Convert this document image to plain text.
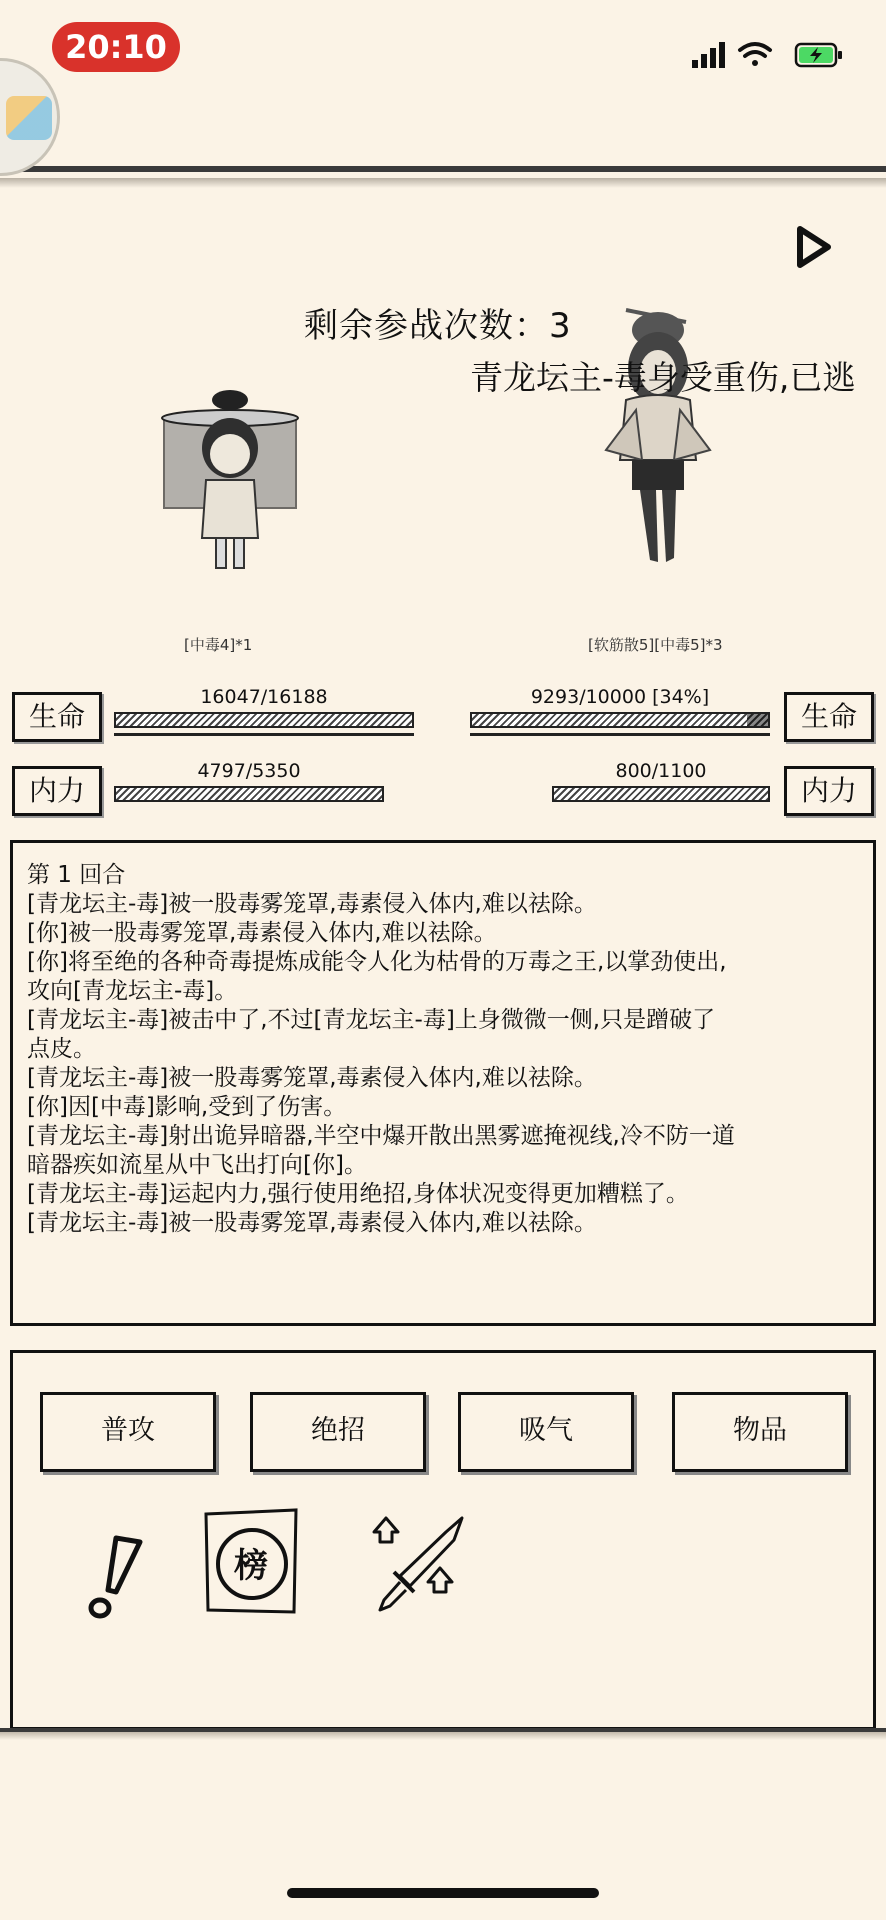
20:10
剩余参战次数：3
青龙坛主-毒身受重伤,已逃
[中毒4]*1	[软筋散5][中毒5]*3
生命
16047/16188	9293/10000 [34%]
生命
内力
4797/5350	800/1100
内力
第 1 回合
[青龙坛主-毒]被一股毒雾笼罩,毒素侵入体内,难以祛除。
[你]被一股毒雾笼罩,毒素侵入体内,难以祛除。
[你]将至绝的各种奇毒提炼成能令人化为枯骨的万毒之王,以掌劲使出,
攻向[青龙坛主-毒]。
[青龙坛主-毒]被击中了,不过[青龙坛主-毒]上身微微一侧,只是蹭破了
点皮。
[青龙坛主-毒]被一股毒雾笼罩,毒素侵入体内,难以祛除。
[你]因[中毒]影响,受到了伤害。
[青龙坛主-毒]射出诡异暗器,半空中爆开散出黑雾遮掩视线,冷不防一道
暗器疾如流星从中飞出打向[你]。
[青龙坛主-毒]运起内力,强行使用绝招,身体状况变得更加糟糕了。
[青龙坛主-毒]被一股毒雾笼罩,毒素侵入体内,难以祛除。
普攻	绝招	吸气	物品
榜
